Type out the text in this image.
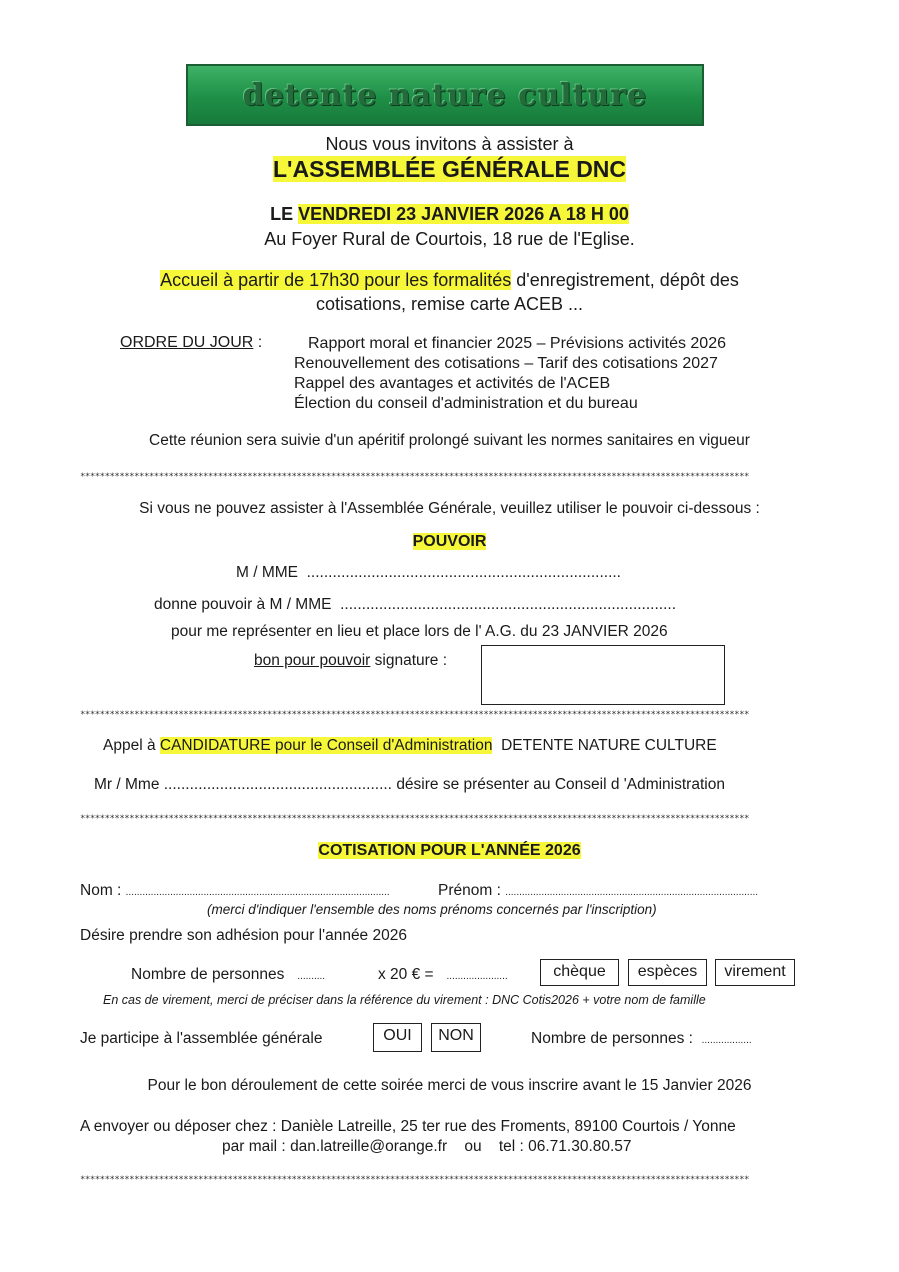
detente nature culture
Nous vous invitons à assister à
L'ASSEMBLÉE GÉNÉRALE DNC
LE VENDREDI 23 JANVIER 2026 A 18 H 00
Au Foyer Rural de Courtois, 18 rue de l'Eglise.
Accueil à partir de 17h30 pour les formalités d'enregistrement, dépôt des
cotisations, remise carte ACEB ...
ORDRE DU JOUR :	Rapport moral et financier 2025 – Prévisions activités 2026
Renouvellement des cotisations – Tarif des cotisations 2027
Rappel des avantages et activités de l'ACEB
Élection du conseil d'administration et du bureau
Cette réunion sera suivie d'un apéritif prolongé suivant les normes sanitaires en vigueur
****************************************************************************************************************************************
Si vous ne pouvez assister à l'Assemblée Générale, veuillez utiliser le pouvoir ci-dessous :
POUVOIR
M / MME .........................................................................
donne pouvoir à M / MME ..............................................................................
pour me représenter en lieu et place lors de l' A.G. du 23 JANVIER 2026
bon pour pouvoir signature :
****************************************************************************************************************************************
Appel à CANDIDATURE pour le Conseil d'Administration DETENTE NATURE CULTURE
Mr / Mme ..................................................... désire se présenter au Conseil d 'Administration
****************************************************************************************************************************************
COTISATION POUR L'ANNÉE 2026
Nom : ...............................................................................................	Prénom : ...........................................................................................
(merci d'indiquer l'ensemble des noms prénoms concernés par l'inscription)
Désire prendre son adhésion pour l'année 2026
Nombre de personnes ..........	x 20 € = ......................	chèque	espèces	virement
En cas de virement, merci de préciser dans la référence du virement : DNC Cotis2026 + votre nom de famille
Je participe à l'assemblée générale	OUI	NON	Nombre de personnes : ..................
Pour le bon déroulement de cette soirée merci de vous inscrire avant le 15 Janvier 2026
A envoyer ou déposer chez : Danièle Latreille, 25 ter rue des Froments, 89100 Courtois / Yonne
par mail : dan.latreille@orange.fr ou tel : 06.71.30.80.57
****************************************************************************************************************************************
